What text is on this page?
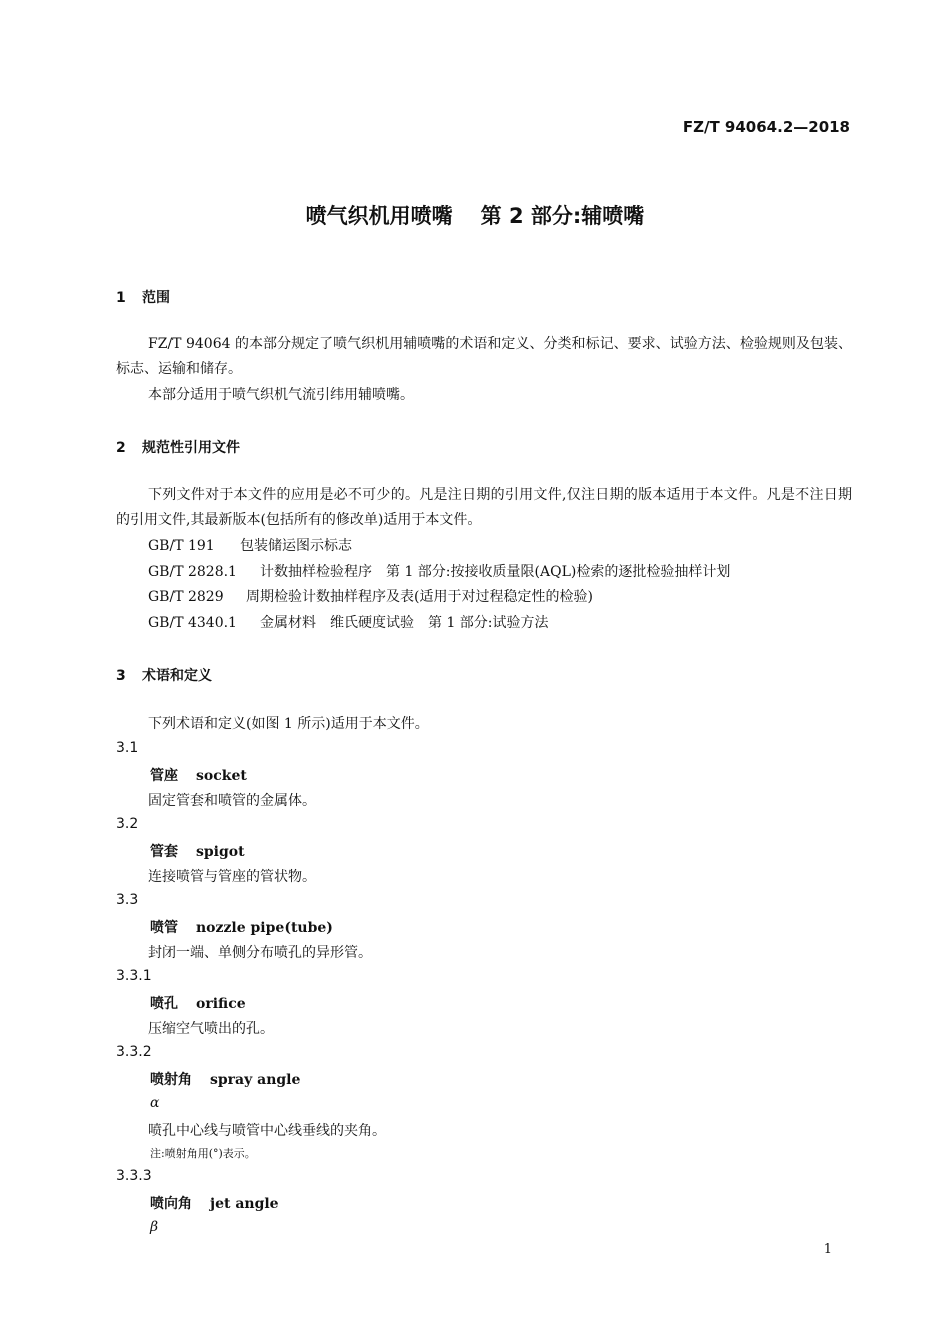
FZ/T 94064.2—2018
喷气织机用喷嘴 第 2 部分:辅喷嘴
1 范围
FZ/T 94064 的本部分规定了喷气织机用辅喷嘴的术语和定义、分类和标记、要求、试验方法、检验规则及包装、标志、运输和储存。
本部分适用于喷气织机气流引纬用辅喷嘴。
2 规范性引用文件
下列文件对于本文件的应用是必不可少的。凡是注日期的引用文件,仅注日期的版本适用于本文件。凡是不注日期的引用文件,其最新版本(包括所有的修改单)适用于本文件。
GB/T 191 包装储运图示标志
GB/T 2828.1 计数抽样检验程序　第 1 部分:按接收质量限(AQL)检索的逐批检验抽样计划
GB/T 2829 周期检验计数抽样程序及表(适用于对过程稳定性的检验)
GB/T 4340.1 金属材料　维氏硬度试验　第 1 部分:试验方法
3 术语和定义
下列术语和定义(如图 1 所示)适用于本文件。
3.1
管座 socket
固定管套和喷管的金属体。
3.2
管套 spigot
连接喷管与管座的管状物。
3.3
喷管 nozzle pipe(tube)
封闭一端、单侧分布喷孔的异形管。
3.3.1
喷孔 orifice
压缩空气喷出的孔。
3.3.2
喷射角 spray angle
α
喷孔中心线与喷管中心线垂线的夹角。
注:喷射角用(°)表示。
3.3.3
喷向角 jet angle
β
1
